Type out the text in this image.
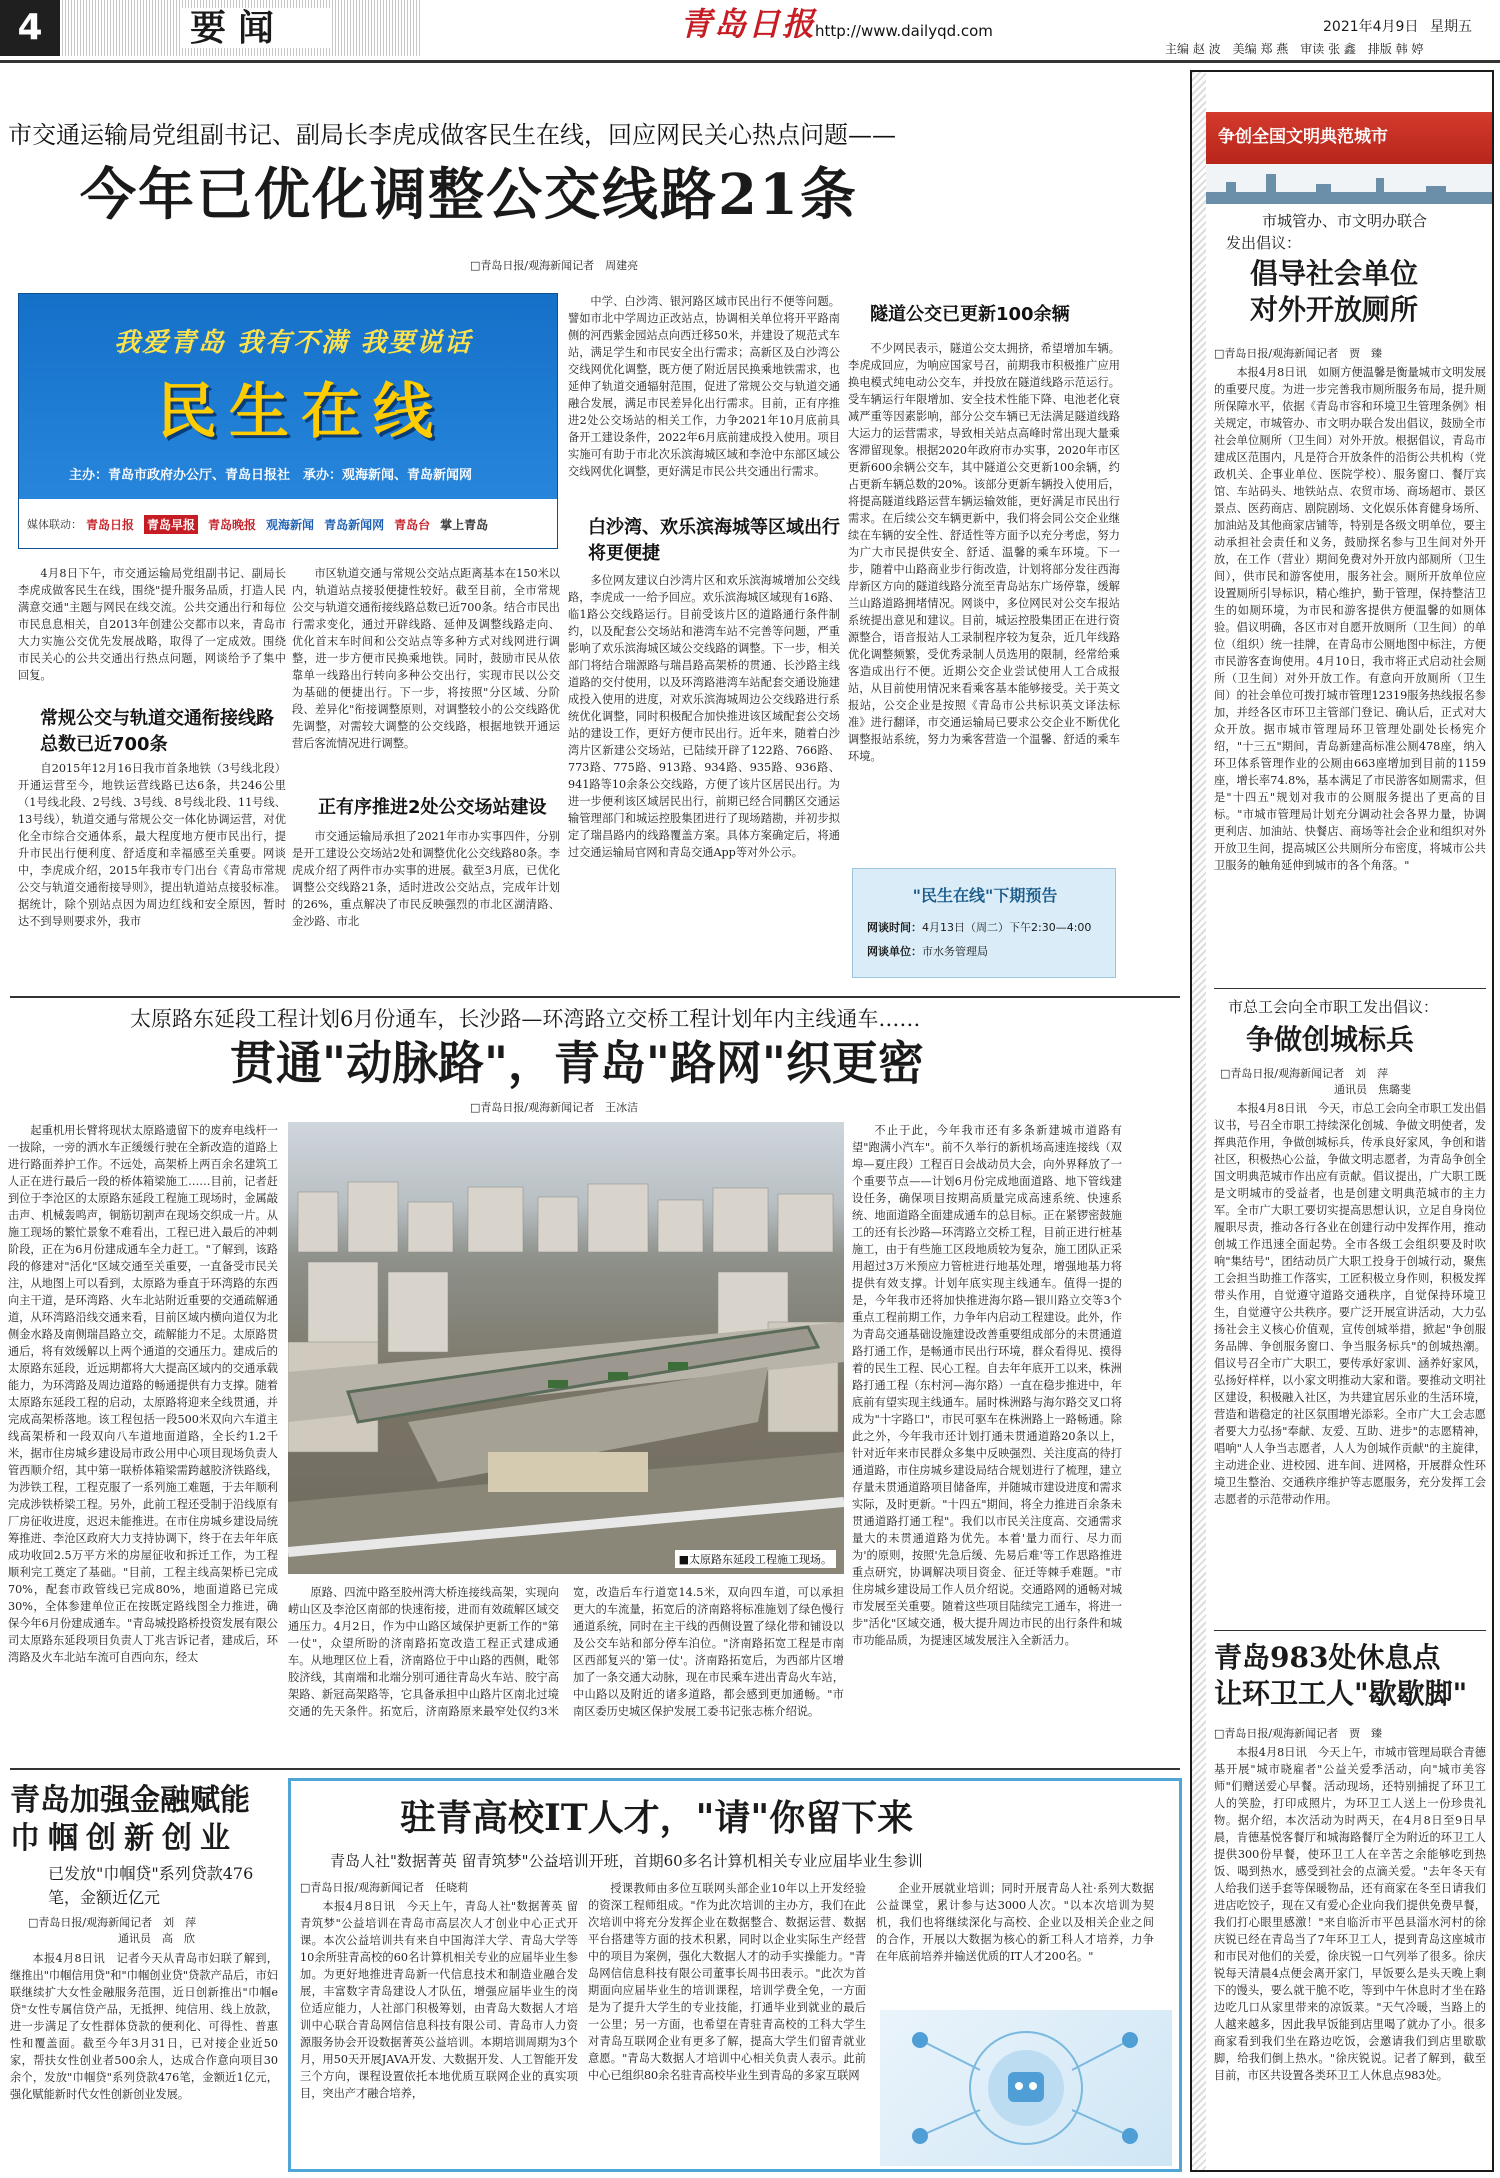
4	要闻	青岛日报
http://www.dailyqd.com	2021年4月9日 星期五
主编 赵 波　美编 郑 燕　审读 张 鑫　排版 韩 婷
市交通运输局党组副书记、副局长李虎成做客民生在线，回应网民关心热点问题——
今年已优化调整公交线路21条
□青岛日报/观海新闻记者　周建亮
我爱青岛 我有不满 我要说话
民生在线
主办：青岛市政府办公厅、青岛日报社　承办：观海新闻、青岛新闻网
媒体联动： 青岛日报 青岛早报 青岛晚报 观海新闻 青岛新闻网 青岛台 掌上青岛
4月8日下午，市交通运输局党组副书记、副局长李虎成做客民生在线，围绕"提升服务品质，打造人民满意交通"主题与网民在线交流。公共交通出行和每位市民息息相关，自2013年创建公交都市以来，青岛市大力实施公交优先发展战略，取得了一定成效。围绕市民关心的公共交通出行热点问题，网谈给予了集中回复。
常规公交与轨道交通衔接线路总数已近700条
自2015年12月16日我市首条地铁（3号线北段）开通运营至今，地铁运营线路已达6条，共246公里（1号线北段、2号线、3号线、8号线北段、11号线、13号线），轨道交通与常规公交一体化协调运营，对优化全市综合交通体系，最大程度地方便市民出行，提升市民出行便利度、舒适度和幸福感至关重要。网谈中，李虎成介绍，2015年我市专门出台《青岛市常规公交与轨道交通衔接导则》，提出轨道站点接驳标准。据统计，除个别站点因为周边红线和安全原因，暂时达不到导则要求外，我市
市区轨道交通与常规公交站点距离基本在150米以内，轨道站点接驳便捷性较好。截至目前，全市常规公交与轨道交通衔接线路总数已近700条。结合市民出行需求变化，通过开辟线路、延伸及调整线路走向、优化首末车时间和公交站点等多种方式对线网进行调整，进一步方便市民换乘地铁。同时，鼓励市民从依靠单一线路出行转向多种公交出行，实现市民以公交为基础的便捷出行。下一步，将按照"分区域、分阶段、差异化"衔接调整原则，对调整较小的公交线路优先调整，对需较大调整的公交线路，根据地铁开通运营后客流情况进行调整。
正有序推进2处公交场站建设
市交通运输局承担了2021年市办实事四件，分别是开工建设公交场站2处和调整优化公交线路80条。李虎成介绍了两件市办实事的进展。截至3月底，已优化调整公交线路21条，适时进改公交站点，完成年计划的26%，重点解决了市民反映强烈的市北区湖清路、金沙路、市北
中学、白沙湾、银河路区域市民出行不便等问题。譬如市北中学周边正改站点，协调相关单位将开平路南侧的河西紫金园站点向西迁移50米，并建设了规范式车站，满足学生和市民安全出行需求；高新区及白沙湾公交线网优化调整，既方便了附近居民换乘地铁需求，也延伸了轨道交通辐射范围，促进了常规公交与轨道交通融合发展，满足市民差异化出行需求。目前，正有序推进2处公交场站的相关工作，力争2021年10月底前具备开工建设条件，2022年6月底前建成投入使用。项目实施可有助于市北次乐滨海城区域和李沧中东部区域公交线网优化调整，更好满足市民公共交通出行需求。
白沙湾、欢乐滨海城等区域出行将更便捷
多位网友建议白沙湾片区和欢乐滨海城增加公交线路，李虎成一一给予回应。欢乐滨海城区域现有16路、临1路公交线路运行。目前受该片区的道路通行条件制约，以及配套公交场站和港湾车站不完善等问题，严重影响了欢乐滨海城区域公交线路的调整。下一步，相关部门将结合瑞源路与瑞昌路高架桥的贯通、长沙路主线道路的交付使用，以及环湾路港湾车站配套交通设施建成投入使用的进度，对欢乐滨海城周边公交线路进行系统优化调整，同时积极配合加快推进该区域配套公交场站的建设工作，更好方便市民出行。近年来，随着白沙湾片区新建公交场站，已陆续开辟了122路、766路、773路、775路、913路、934路、935路、936路、941路等10余条公交线路，方便了该片区居民出行。为进一步便利该区域居民出行，前期已经合同鹏区交通运输管理部门和城运控股集团进行了现场踏勘，并初步拟定了瑞昌路内的线路覆盖方案。具体方案确定后，将通过交通运输局官网和青岛交通App等对外公示。
隧道公交已更新100余辆
不少网民表示，隧道公交太拥挤，希望增加车辆。李虎成回应，为响应国家号召，前期我市积极推广应用换电模式纯电动公交车，并投放在隧道线路示范运行。受车辆运行年限增加、安全技术性能下降、电池老化衰减严重等因素影响，部分公交车辆已无法满足隧道线路大运力的运营需求，导致相关站点高峰时常出现大量乘客滞留现象。根据2020年政府市办实事，2020年市区更新600余辆公交车，其中隧道公交更新100余辆，约占更新车辆总数的20%。该部分更新车辆投入使用后，将提高隧道线路运营车辆运输效能，更好满足市民出行需求。在后续公交车辆更新中，我们将会同公交企业继续在车辆的安全性、舒适性等方面予以充分考虑，努力为广大市民提供安全、舒适、温馨的乘车环境。下一步，随着中山路商业步行街改造，计划将部分发往西海岸新区方向的隧道线路分流至青岛站东广场停靠，缓解兰山路道路拥堵情况。网谈中，多位网民对公交车报站系统提出意见和建议。目前，城运控股集团正在进行资源整合，语音报站人工录制程序较为复杂，近几年线路优化调整频繁，受优秀录制人员选用的限制，经常给乘客造成出行不便。近期公交企业尝试使用人工合成报站，从目前使用情况来看乘客基本能够接受。关于英文报站，公交企业是按照《青岛市公共标识英文译法标准》进行翻译，市交通运输局已要求公交企业不断优化调整报站系统，努力为乘客营造一个温馨、舒适的乘车环境。
"民生在线"下期预告
网谈时间：4月13日（周二）下午2:30—4:00
网谈单位：市水务管理局
太原路东延段工程计划6月份通车，长沙路—环湾路立交桥工程计划年内主线通车……
贯通"动脉路"，青岛"路网"织更密
□青岛日报/观海新闻记者　王冰洁
起重机用长臂将现状太原路遗留下的废弃电线杆一一拔除，一旁的洒水车正缓缓行驶在全新改造的道路上进行路面养护工作。不远处，高架桥上两百余名建筑工人正在进行最后一段的桥体箱梁施工……目前，记者赶到位于李沧区的太原路东延段工程施工现场时，金属敲击声、机械轰鸣声，铜筋切割声在现场交织成一片。从施工现场的繁忙景象不难看出，工程已进入最后的冲刺阶段，正在为6月份建成通车全力赶工。"了解到，该路段的修建对"活化"区域交通至关重要，一直备受市民关注，从地图上可以看到，太原路为垂直于环湾路的东西向主干道，是环湾路、火车北站附近重要的交通疏解通道，从环湾路沿线交通来看，目前区域内横向道仅为北侧金水路及南侧瑞昌路立交，疏解能力不足。太原路贯通后，将有效缓解以上两个通道的交通压力。建成后的太原路东延段，近远期都将大大提高区域内的交通承载能力，为环湾路及周边道路的畅通提供有力支撑。随着太原路东延段工程的启动，太原路将迎来全线贯通，并完成高架桥落地。该工程包括一段500米双向六车道主线高架桥和一段双向八车道地面道路，全长约1.2千米，据市住房城乡建设局市政公用中心项目现场负责人管西顺介绍，其中第一联桥体箱梁需跨越胶济铁路线，为涉铁工程，工程克服了一系列施工难题，于去年顺利完成涉铁桥梁工程。另外，此前工程还受制于沿线原有厂房征收进度，迟迟未能推进。在市住房城乡建设局统筹推进、李沧区政府大力支持协调下，终于在去年年底成功收回2.5万平方米的房屋征收和拆迁工作，为工程顺利完工奠定了基础。"目前，工程主线高架桥已完成70%，配套市政管线已完成80%，地面道路已完成30%，全体参建单位正在按既定路线图全力推进，确保今年6月份建成通车。"青岛城投路桥投资发展有限公司太原路东延段项目负责人丁兆吉诉记者，建成后，环湾路及火车北站车流可自西向东，经太
■太原路东延段工程施工现场。
原路、四流中路至胶州湾大桥连接线高架，实现向崂山区及李沧区南部的快速衔接，进而有效疏解区域交通压力。4月2日，作为中山路区域保护更新工作的"第一仗"，众望所盼的济南路拓宽改造工程正式建成通车。从地理区位上看，济南路位于中山路的西侧，毗邻胶济线，其南端和北端分别可通往青岛火车站、胶宁高架路、新冠高架路等，它具备承担中山路片区南北过境交通的先天条件。拓宽后，济南路原来最窄处仅约3米宽，改造后车行道宽14.5米，双向四车道，可以承担更大的车流量，拓宽后的济南路将标准施划了绿色慢行通道系统，同时在主干线的西侧设置了绿化带和铺设以及公交车站和部分停车泊位。"济南路拓宽工程是市南区西部复兴的'第一仗'。济南路拓宽后，为西部片区增加了一条交通大动脉，现在市民乘车进出青岛火车站，中山路以及附近的诸多道路，都会感到更加通畅。"市南区委历史城区保护发展工委书记张志栋介绍说。
不止于此，今年我市还有多条新建城市道路有望"跑满小汽车"。前不久举行的新机场高速连接线（双埠—夏庄段）工程百日会战动员大会，向外界释放了一个重要节点——计划6月份完成地面道路、地下管线建设任务，确保项目按期高质量完成高速系统、快速系统、地面道路全面建成通车的总目标。正在紧锣密鼓施工的还有长沙路—环湾路立交桥工程，目前正进行桩基施工，由于有些施工区段地质较为复杂，施工团队正采用超过3万米预应力管桩进行地基处理，增强地基力将提供有效支撑。计划年底实现主线通车。值得一提的是，今年我市还将加快推进海尔路—银川路立交等3个重点工程前期工作，力争年内启动工程建设。此外，作为青岛交通基础设施建设改善重要组成部分的未贯通道路打通工作，是畅通市民出行环境，群众看得见、摸得着的民生工程、民心工程。自去年年底开工以来，株洲路打通工程（东村河—海尔路）一直在稳步推进中，年底前有望实现主线通车。届时株洲路与海尔路交叉口将成为"十字路口"，市民可驱车在株洲路上一路畅通。除此之外，今年我市还计划打通未贯通道路20条以上，针对近年来市民群众多集中反映强烈、关注度高的待打通道路，市住房城乡建设局结合规划进行了梳理，建立存量未贯通道路项目储备库，并随城市建设进度和需求实际，及时更新。"十四五"期间，将全力推进百余条未贯通道路打通工程"。我们以市民关注度高、交通需求量大的未贯通道路为优先。本着'量力而行、尽力而为'的原则，按照'先急后缓、先易后难'等工作思路推进重点研究，协调解决项目资金、征迁等棘手难题。"市住房城乡建设局工作人员介绍说。交通路网的通畅对城市发展至关重要。随着这些项目陆续完工通车，将进一步"活化"区域交通，极大提升周边市民的出行条件和城市功能品质，为提速区域发展注入全新活力。
青岛加强金融赋能
巾帼创新创业
已发放"巾帼贷"系列贷款476笔，金额近亿元
□青岛日报/观海新闻记者　刘　萍
通讯员　高　欣
本报4月8日讯　记者今天从青岛市妇联了解到，继推出"巾帼信用贷"和"巾帼创业贷"贷款产品后，市妇联继续扩大女性金融服务范围，近日创新推出"巾帼e贷"女性专属信贷产品，无抵押、纯信用、线上放款，进一步满足了女性群体贷款的便利化、可得性、普惠性和覆盖面。截至今年3月31日，已对接企业近50家，帮扶女性创业者500余人，达成合作意向项目30余个，发放"巾帼贷"系列贷款476笔，金额近1亿元，强化赋能新时代女性创新创业发展。
驻青高校IT人才，"请"你留下来
青岛人社"数据菁英 留青筑梦"公益培训开班，首期60多名计算机相关专业应届毕业生参训
□青岛日报/观海新闻记者　任晓莉
本报4月8日讯　今天上午，青岛人社"数据菁英 留青筑梦"公益培训在青岛市高层次人才创业中心正式开课。本次公益培训共有来自中国海洋大学、青岛大学等10余所驻青高校的60名计算机相关专业的应届毕业生参加。为更好地推进青岛新一代信息技术和制造业融合发展，丰富数字青岛建设人才队伍，增强应届毕业生的岗位适应能力，人社部门积极筹划，由青岛大数据人才培训中心联合青岛网信信息科技有限公司、青岛市人力资源服务协会开设数据菁英公益培训。本期培训周期为3个月，用50天开展JAVA开发、大数据开发、人工智能开发三个方向，课程设置依托本地优质互联网企业的真实项目，突出产才融合培养，
授课教师由多位互联网头部企业10年以上开发经验的资深工程师组成。"作为此次培训的主办方，我们在此次培训中将充分发挥企业在数据整合、数据运营、数据平台搭建等方面的技术积累，同时以企业实际生产经营中的项目为案例，强化大数据人才的动手实操能力。"青岛网信信息科技有限公司董事长周书田表示。"此次为首期面向应届毕业生的培训课程，培训学费全免，一方面是为了提升大学生的专业技能，打通毕业到就业的最后一公里；另一方面，也希望在青驻青高校的工科大学生对青岛互联网企业有更多了解，提高大学生们留青就业意愿。"青岛大数据人才培训中心相关负责人表示。此前中心已组织80余名驻青高校毕业生到青岛的多家互联网
企业开展就业培训；同时开展青岛人社·系列大数据公益课堂，累计参与达3000人次。"以本次培训为契机，我们也将继续深化与高校、企业以及相关企业之间的合作，开展以大数据为核心的新工科人才培养，力争在年底前培养并输送优质的IT人才200名。"
争创全国文明典范城市
市城管办、市文明办联合
发出倡议：
倡导社会单位
对外开放厕所
□青岛日报/观海新闻记者　贾　臻
本报4月8日讯　如厕方便温馨是衡量城市文明发展的重要尺度。为进一步完善我市厕所服务布局，提升厕所保障水平，依据《青岛市容和环境卫生管理条例》相关规定，市城管办、市文明办联合发出倡议，鼓励全市社会单位厕所（卫生间）对外开放。根据倡议，青岛市建成区范围内，凡是符合开放条件的沿街公共机构（党政机关、企事业单位、医院学校）、服务窗口、餐厅宾馆、车站码头、地铁站点、农贸市场、商场超市、景区景点、医药商店、剧院剧场、文化娱乐体育健身场所、加油站及其他商家店铺等，特别是各级文明单位，要主动承担社会责任和义务，鼓励探名参与卫生间对外开放，在工作（营业）期间免费对外开放内部厕所（卫生间），供市民和游客使用，服务社会。厕所开放单位应设置厕所引导标识，精心维护，勤于管理，保持整洁卫生的如厕环境，为市民和游客提供方便温馨的如厕体验。倡议明确，各区市对自愿开放厕所（卫生间）的单位（组织）统一挂牌，在青岛市公厕地图中标注，方便市民游客查询使用。4月10日，我市将正式启动社会厕所（卫生间）对外开放工作。有意向开放厕所（卫生间）的社会单位可拨打城市管理12319服务热线报名参加，并经各区市环卫主管部门登记、确认后，正式对大众开放。据市城市管理局环卫管理处副处长杨宪介绍，"十三五"期间，青岛新建高标准公厕478座，纳入环卫体系管理作业的公厕由663座增加到目前的1159座，增长率74.8%，基本满足了市民游客如厕需求，但是"十四五"规划对我市的公厕服务提出了更高的目标。"市城市管理局计划充分调动社会各界力量，协调更利店、加油站、快餐店、商场等社会企业和组织对外开放卫生间，提高城区公共厕所分布密度，将城市公共卫服务的触角延伸到城市的各个角落。"
市总工会向全市职工发出倡议：
争做创城标兵
□青岛日报/观海新闻记者　刘　萍
通讯员　焦璐斐
本报4月8日讯　今天，市总工会向全市职工发出倡议书，号召全市职工持续深化创城、争做文明使者，发挥典范作用，争做创城标兵，传承良好家风，争创和谐社区，积极热心公益，争做文明志愿者，为青岛争创全国文明典范城市作出应有贡献。倡议提出，广大职工既是文明城市的受益者，也是创建文明典范城市的主力军。全市广大职工要切实提高思想认识，立足自身岗位履职尽责，推动各行各业在创建行动中发挥作用，推动创城工作迅速全面起势。全市各级工会组织要及时吹响"集结号"，团结动员广大职工投身于创城行动，聚焦工会担当助推工作落实，工匠积极立身作则，积极发挥带头作用，自觉遵守道路交通秩序，自觉保持环境卫生，自觉遵守公共秩序。要广泛开展宣讲活动，大力弘扬社会主义核心价值观，宣传创城举措，掀起"争创服务品牌、争创服务窗口、争当服务标兵"的创城热潮。倡议号召全市广大职工，要传承好家训、涵养好家风，弘扬好样样，以小家文明推动大家和谐。要推动文明社区建设，积极融入社区，为共建宜居乐业的生活环境，营造和谐稳定的社区氛围增光添彩。全市广大工会志愿者要大力弘扬"奉献、友爱、互助、进步"的志愿精神，唱响"人人争当志愿者，人人为创城作贡献"的主旋律，主动进企业、进校园、进车间、进网格，开展群众性环境卫生整治、交通秩序维护等志愿服务，充分发挥工会志愿者的示范带动作用。
青岛983处休息点
让环卫工人"歇歇脚"
□青岛日报/观海新闻记者　贾　臻
本报4月8日讯　今天上午，市城市管理局联合青德基开展"城市晓雇者"公益关爱季活动，向"城市美容师"们赠送爱心早餐。活动现场，还特别捕捉了环卫工人的笑脸，打印成照片，为环卫工人送上一份珍贵礼物。据介绍，本次活动为时两天，在4月8日至9日早晨，肯德基悦客餐厅和城海路餐厅全为附近的环卫工人提供300份早餐，使环卫工人在辛苦之余能够吃到热饭、喝到热水，感受到社会的点滴关爱。"去年冬天有人给我们送手套等保暖物品，还有商家在冬至日请我们进店吃饺子，现在又有爱心企业向我们提供免费早餐，我们打心眼里感激！"来自临沂市平邑县淄水河村的徐庆锐已经在青岛当了7年环卫工人，提到青岛这座城市和市民对他们的关爱，徐庆锐一口气列举了很多。徐庆锐每天清晨4点便会离开家门，早饭要么是头天晚上剩下的馒头，要么就干脆不吃，等到中午休息时才坐在路边吃几口从家里带来的凉饭菜。"天气冷暖，当路上的人越来越多，因此我早饭能到店里喝了就办了小。很多商家看到我们坐在路边吃饭，会邀请我们到店里歇歇脚，给我们倒上热水。"徐庆锐说。记者了解到，截至目前，市区共设置各类环卫工人休息点983处。
